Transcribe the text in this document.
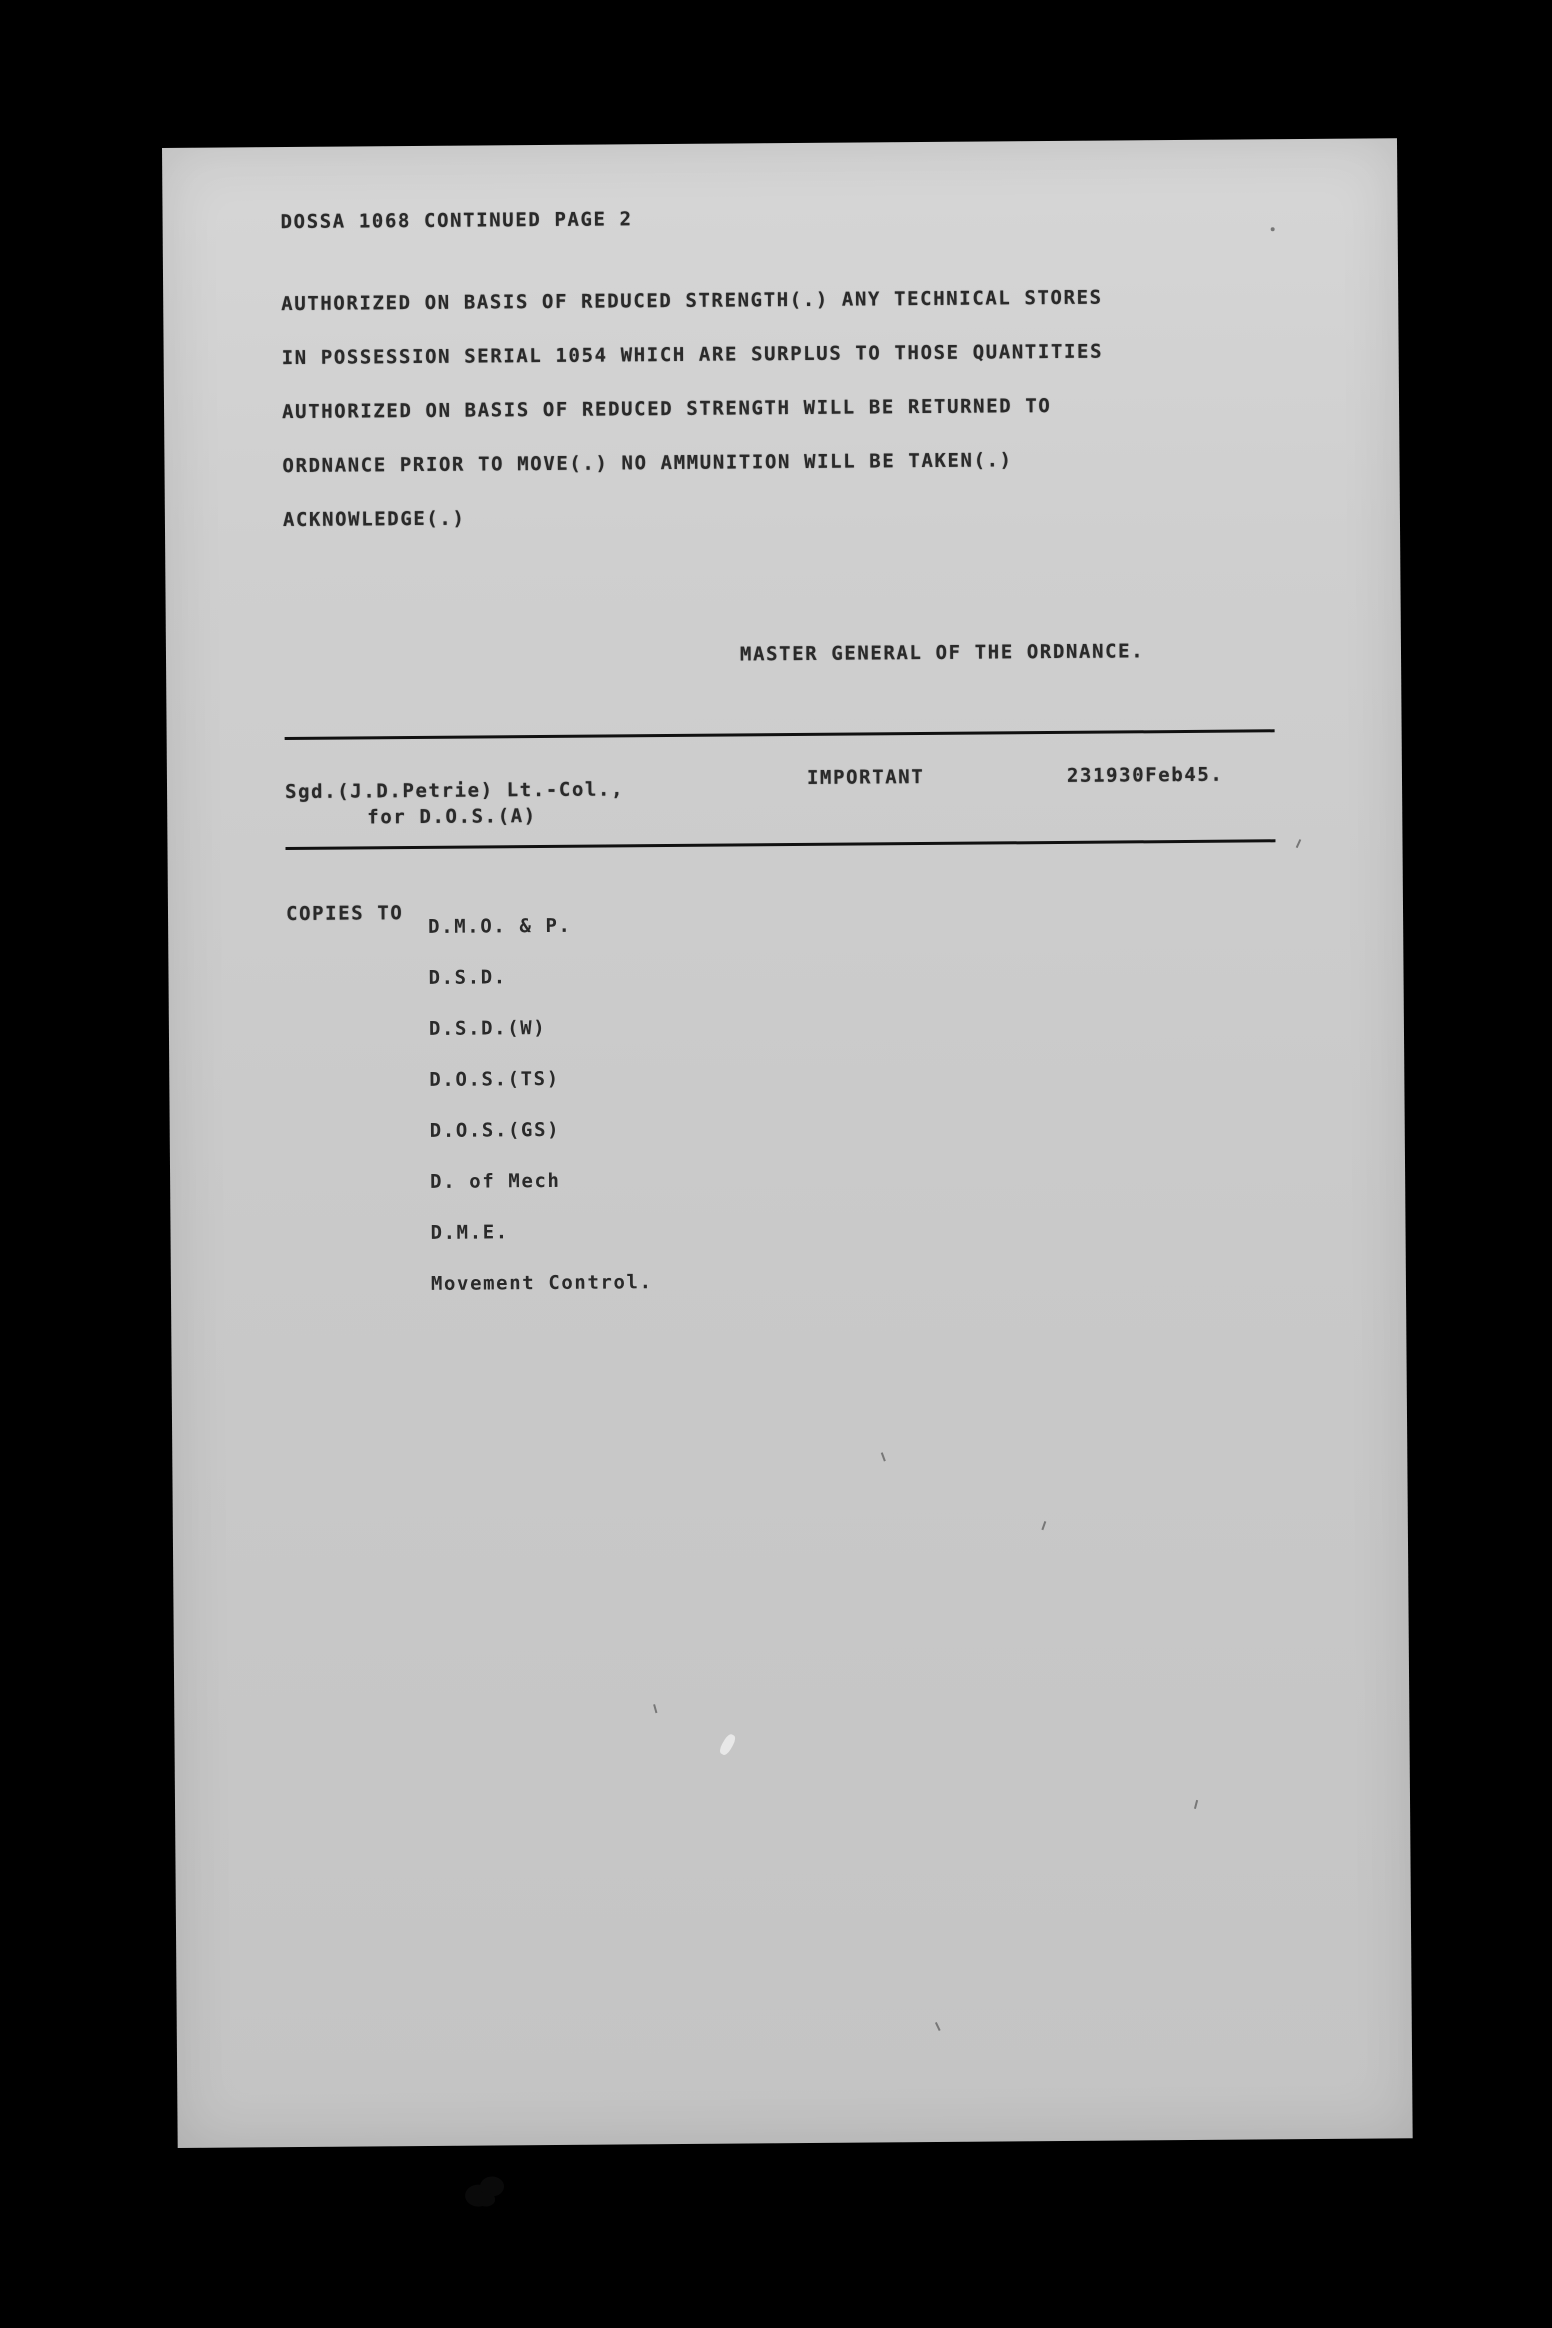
DOSSA 1068 CONTINUED PAGE 2
AUTHORIZED ON BASIS OF REDUCED STRENGTH(.) ANY TECHNICAL STORES
IN POSSESSION SERIAL 1054 WHICH ARE SURPLUS TO THOSE QUANTITIES
AUTHORIZED ON BASIS OF REDUCED STRENGTH WILL BE RETURNED TO
ORDNANCE PRIOR TO MOVE(.) NO AMMUNITION WILL BE TAKEN(.)
ACKNOWLEDGE(.)
MASTER GENERAL OF THE ORDNANCE.
Sgd.(J.D.Petrie) Lt.-Col.,
for D.O.S.(A)
IMPORTANT	231930Feb45.
COPIES TO
D.M.O. & P.
D.S.D.
D.S.D.(W)
D.O.S.(TS)
D.O.S.(GS)
D. of Mech
D.M.E.
Movement Control.
